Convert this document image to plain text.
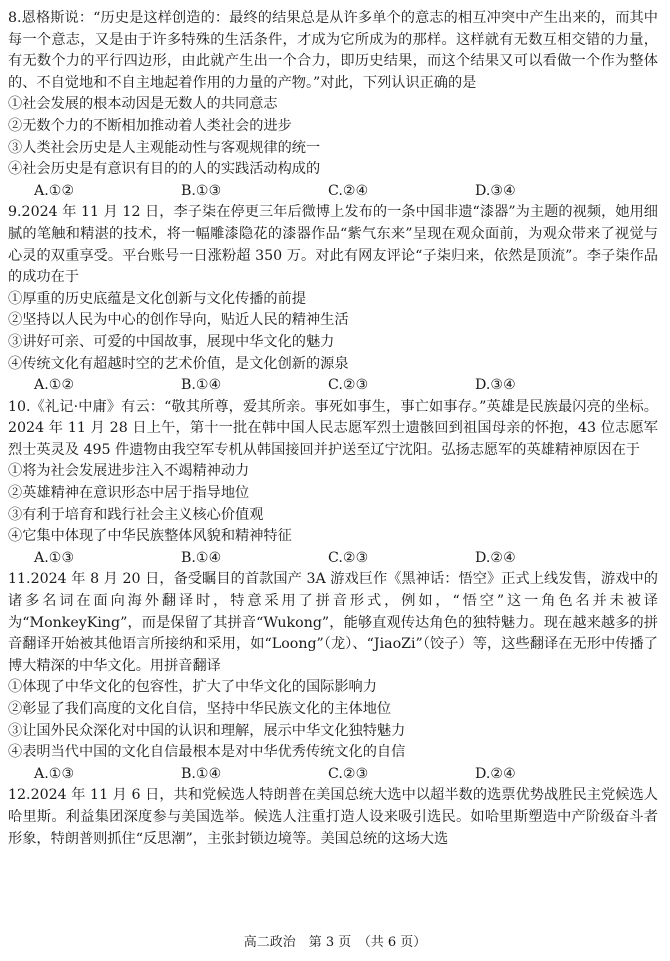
8.恩格斯说：“历史是这样创造的：最终的结果总是从许多单个的意志的相互冲突中产生出来的，而其中每一个意志，又是由于许多特殊的生活条件，才成为它所成为的那样。这样就有无数互相交错的力量，有无数个力的平行四边形，由此就产生出一个合力，即历史结果，而这个结果又可以看做一个作为整体的、不自觉地和不自主地起着作用的力量的产物。”对此，下列认识正确的是

①社会发展的根本动因是无数人的共同意志

②无数个力的不断相加推动着人类社会的进步

③人类社会历史是人主观能动性与客观规律的统一

④社会历史是有意识有目的的人的实践活动构成的

A.①②	B.①③	C.②④	D.③④

9.2024 年 11 月 12 日，李子柒在停更三年后微博上发布的一条中国非遗“漆器”为主题的视频，她用细腻的笔触和精湛的技术，将一幅雕漆隐花的漆器作品“紫气东来”呈现在观众面前，为观众带来了视觉与心灵的双重享受。平台账号一日涨粉超 350 万。对此有网友评论“子柒归来，依然是顶流”。李子柒作品的成功在于

①厚重的历史底蕴是文化创新与文化传播的前提

②坚持以人民为中心的创作导向，贴近人民的精神生活

③讲好可亲、可爱的中国故事，展现中华文化的魅力

④传统文化有超越时空的艺术价值，是文化创新的源泉

A.①②	B.①④	C.②③	D.③④

10.《礼记·中庸》有云：“敬其所尊，爱其所亲。事死如事生，事亡如事存。”英雄是民族最闪亮的坐标。2024 年 11 月 28 日上午，第十一批在韩中国人民志愿军烈士遗骸回到祖国母亲的怀抱，43 位志愿军烈士英灵及 495 件遗物由我空军专机从韩国接回并护送至辽宁沈阳。弘扬志愿军的英雄精神原因在于

①将为社会发展进步注入不竭精神动力

②英雄精神在意识形态中居于指导地位

③有利于培育和践行社会主义核心价值观

④它集中体现了中华民族整体风貌和精神特征

A.①③	B.①④	C.②③	D.②④

11.2024 年 8 月 20 日，备受瞩目的首款国产 3A 游戏巨作《黑神话：悟空》正式上线发售，游戏中的诸多名词在面向海外翻译时，特意采用了拼音形式，例如，“悟空”这一角色名并未被译为“MonkeyKing”，而是保留了其拼音“Wukong”，能够直观传达角色的独特魅力。现在越来越多的拼音翻译开始被其他语言所接纳和采用，如“Loong”（龙）、“JiaoZi”（饺子）等，这些翻译在无形中传播了博大精深的中华文化。用拼音翻译

①体现了中华文化的包容性，扩大了中华文化的国际影响力

②彰显了我们高度的文化自信，坚持中华民族文化的主体地位

③让国外民众深化对中国的认识和理解，展示中华文化独特魅力

④表明当代中国的文化自信最根本是对中华优秀传统文化的自信

A.①③	B.①④	C.②③	D.②④

12.2024 年 11 月 6 日，共和党候选人特朗普在美国总统大选中以超半数的选票优势战胜民主党候选人哈里斯。利益集团深度参与美国选举。候选人注重打造人设来吸引选民。如哈里斯塑造中产阶级奋斗者形象，特朗普则抓住“反思潮”，主张封锁边境等。美国总统的这场大选

高二政治　第 3 页　（共 6 页）
